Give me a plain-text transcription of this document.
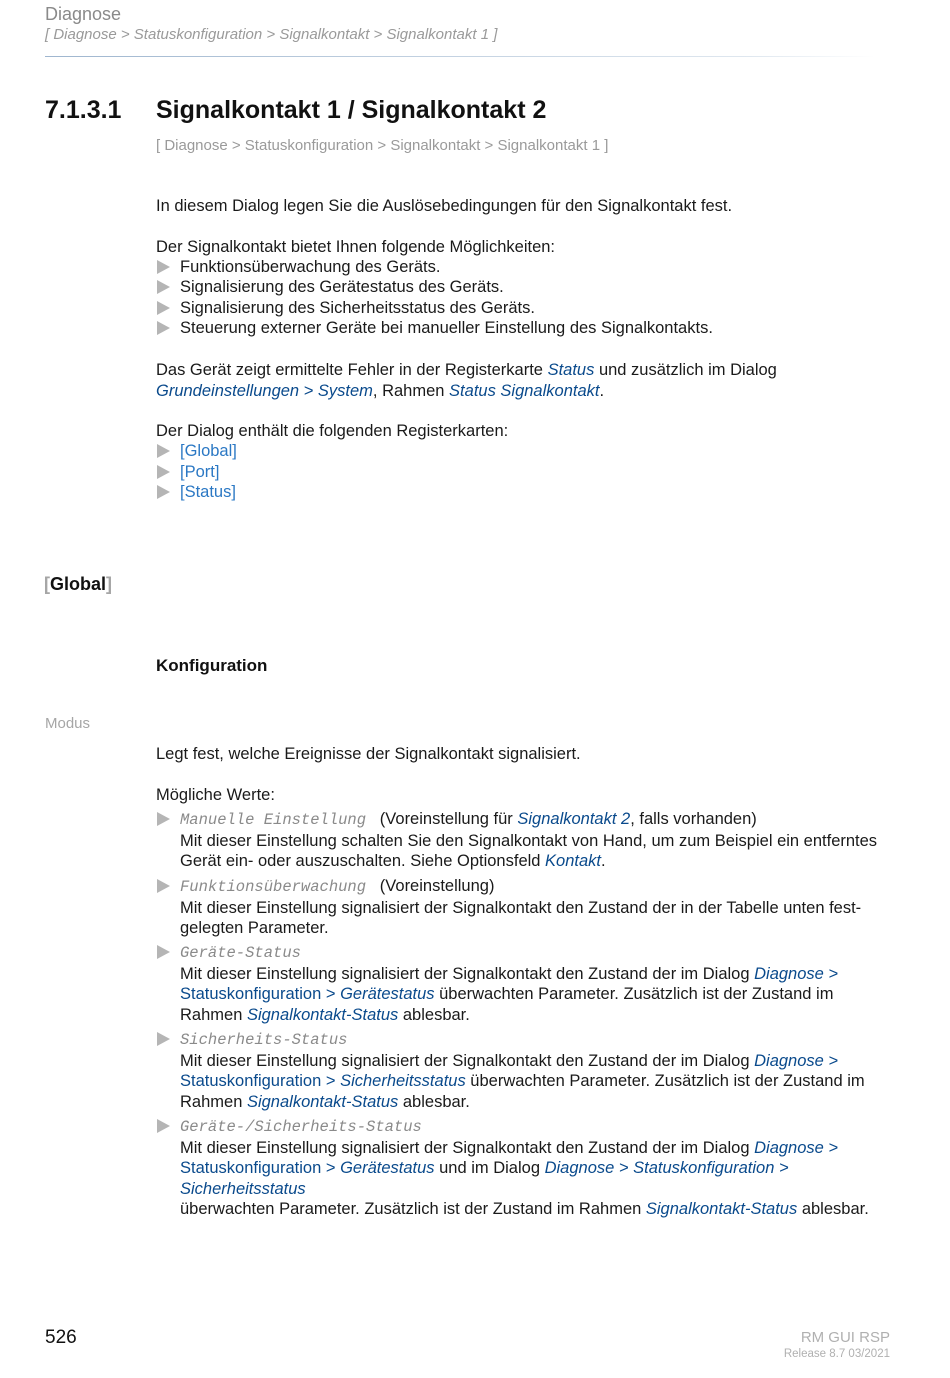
Diagnose
[ Diagnose > Statuskonfiguration > Signalkontakt > Signalkontakt 1 ]
7.1.3.1 Signalkontakt 1 / Signalkontakt 2
[ Diagnose > Statuskonfiguration > Signalkontakt > Signalkontakt 1 ]
In diesem Dialog legen Sie die Auslösebedingungen für den Signalkontakt fest.
Der Signalkontakt bietet Ihnen folgende Möglichkeiten:
Funktionsüberwachung des Geräts.
Signalisierung des Gerätestatus des Geräts.
Signalisierung des Sicherheitsstatus des Geräts.
Steuerung externer Geräte bei manueller Einstellung des Signalkontakts.
Das Gerät zeigt ermittelte Fehler in der Registerkarte Status und zusätzlich im Dialog
Grundeinstellungen > System, Rahmen Status Signalkontakt.
Der Dialog enthält die folgenden Registerkarten:
[Global]
[Port]
[Status]
[Global]
Konfiguration
Modus
Legt fest, welche Ereignisse der Signalkontakt signalisiert.
Mögliche Werte:
Manuelle Einstellung (Voreinstellung für Signalkontakt 2, falls vorhanden)
Mit dieser Einstellung schalten Sie den Signalkontakt von Hand, um zum Beispiel ein entferntes
Gerät ein- oder auszuschalten. Siehe Optionsfeld Kontakt.
Funktionsüberwachung (Voreinstellung)
Mit dieser Einstellung signalisiert der Signalkontakt den Zustand der in der Tabelle unten fest-
gelegten Parameter.
Geräte-Status
Mit dieser Einstellung signalisiert der Signalkontakt den Zustand der im Dialog Diagnose >
Statuskonfiguration > Gerätestatus überwachten Parameter. Zusätzlich ist der Zustand im
Rahmen Signalkontakt-Status ablesbar.
Sicherheits-Status
Mit dieser Einstellung signalisiert der Signalkontakt den Zustand der im Dialog Diagnose >
Statuskonfiguration > Sicherheitsstatus überwachten Parameter. Zusätzlich ist der Zustand im
Rahmen Signalkontakt-Status ablesbar.
Geräte-/Sicherheits-Status
Mit dieser Einstellung signalisiert der Signalkontakt den Zustand der im Dialog Diagnose >
Statuskonfiguration > Gerätestatus und im Dialog Diagnose > Statuskonfiguration > Sicherheitsstatus
überwachten Parameter. Zusätzlich ist der Zustand im Rahmen Signalkontakt-Status ablesbar.
526	RM GUI RSP
Release 8.7 03/2021
